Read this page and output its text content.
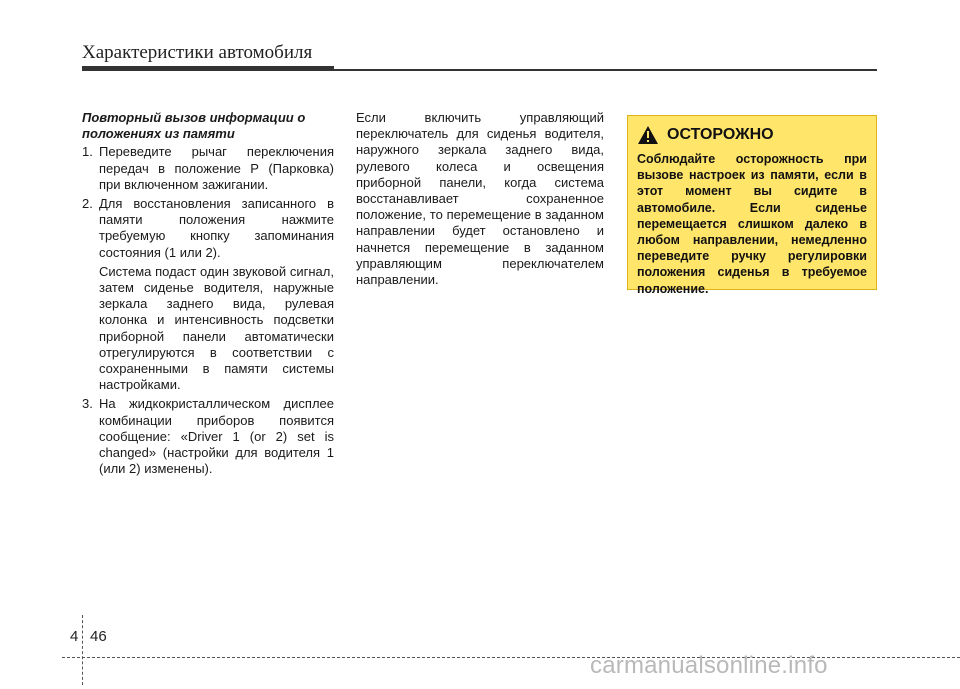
Характеристики автомобиля

Повторный вызов информации о положениях из памяти

1. Переведите рычаг переключения передач в положение Р (Парковка) при включенном зажигании.
2. Для восстановления записанного в памяти положения нажмите требуемую кнопку запоминания состояния (1 или 2).

Система подаст один звуковой сигнал, затем сиденье водителя, наружные зеркала заднего вида, рулевая колонка и интенсивность подсветки приборной панели автоматически отрегулируются в соответствии с сохраненными в памяти системы настройками.

3. На жидкокристаллическом дисплее комбинации приборов появится сообщение: «Driver 1 (or 2) set is changed» (настройки для водителя 1 (или 2) изменены).

Если включить управляющий переключатель для сиденья водителя, наружного зеркала заднего вида, рулевого колеса и освещения приборной панели, когда система восстанавливает сохраненное положение, то перемещение в заданном направлении будет остановлено и начнется перемещение в заданном управляющим переключателем направлении.

ОСТОРОЖНО
Соблюдайте осторожность при вызове настроек из памяти, если в этот момент вы сидите в автомобиле. Если сиденье перемещается слишком далеко в любом направлении, немедленно переведите ручку регулировки положения сиденья в требуемое положение.
4 46
carmanualsonline.info
